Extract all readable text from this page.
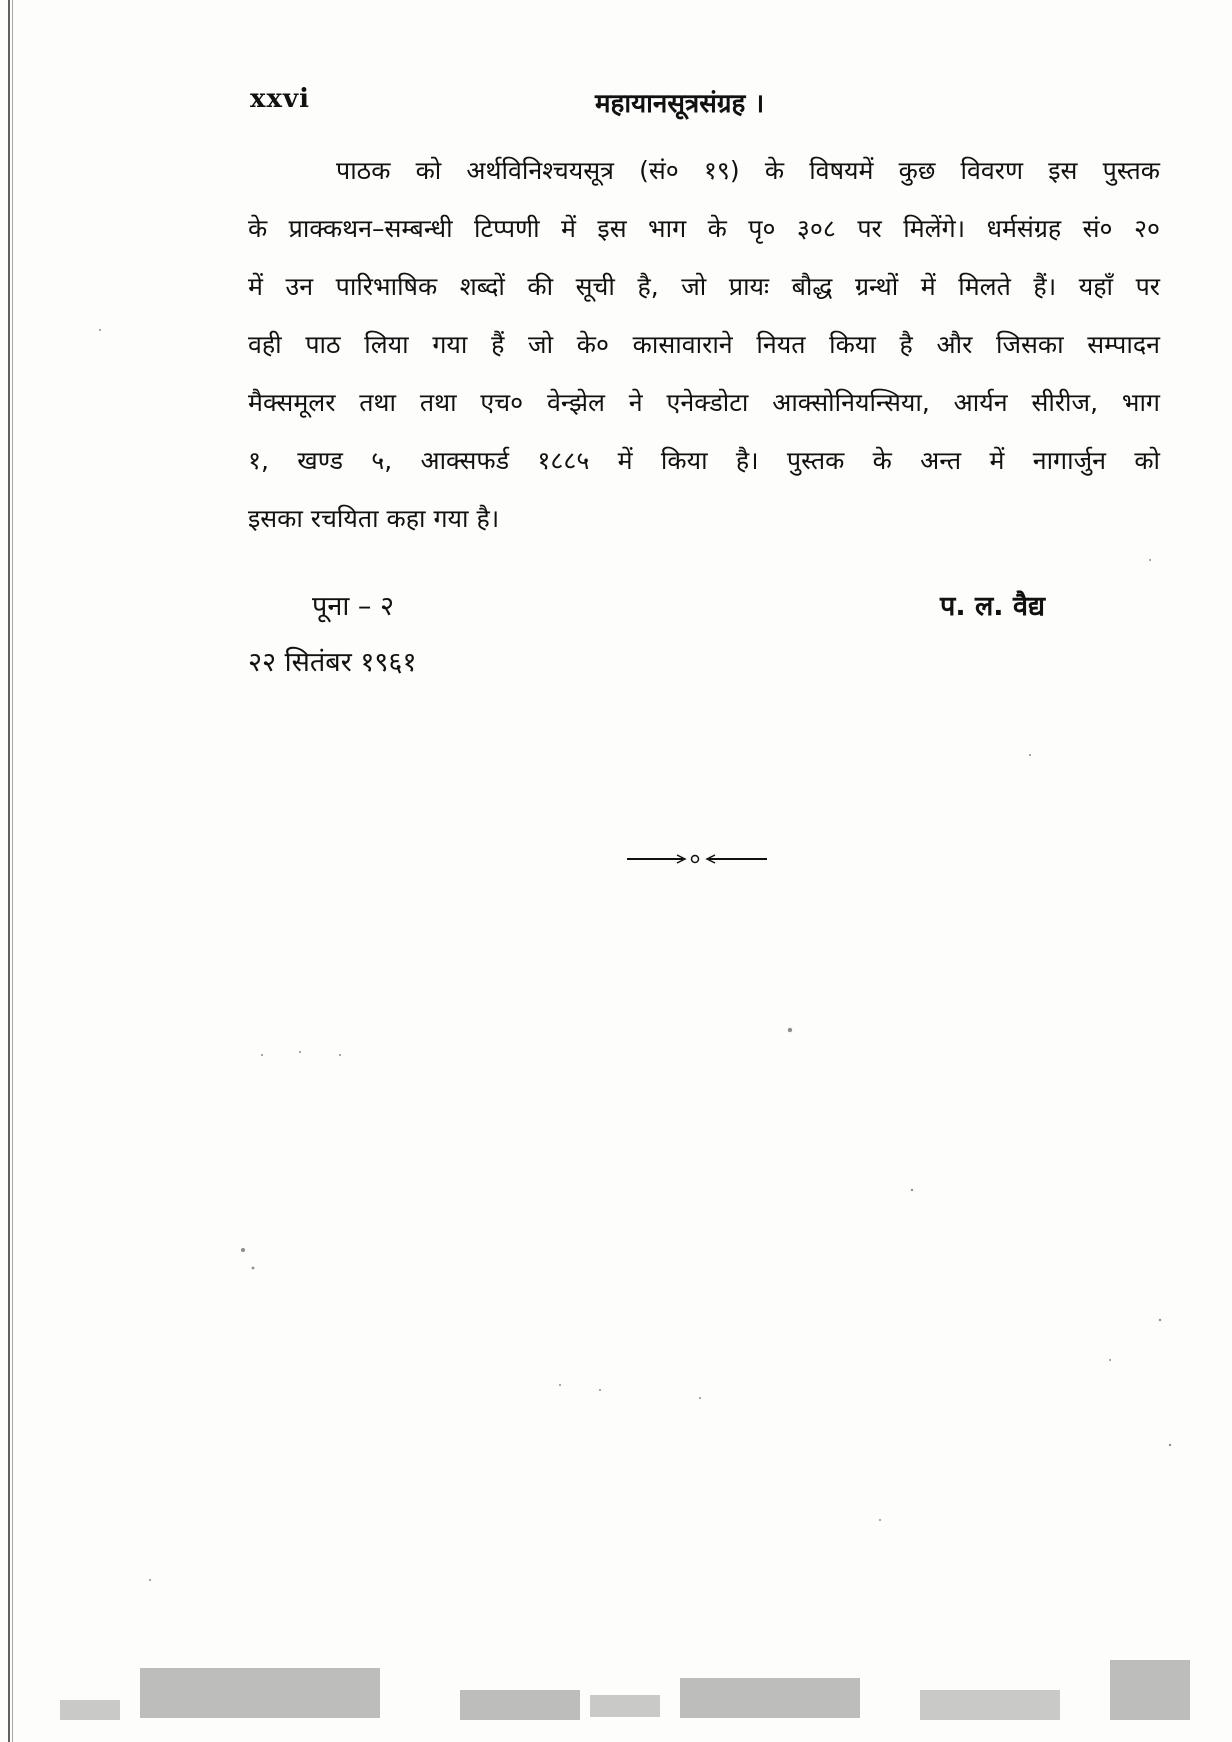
xxvi	महायानसूत्रसंग्रह ।

पाठक को अर्थविनिश्चयसूत्र (सं० १९) के विषयमें कुछ विवरण इस पुस्तक
के प्राक्कथन–सम्बन्धी टिप्पणी में इस भाग के पृ० ३०८ पर मिलेंगे। धर्मसंग्रह सं० २०
में उन पारिभाषिक शब्दों की सूची है, जो प्रायः बौद्ध ग्रन्थों में मिलते हैं। यहाँ पर
वही पाठ लिया गया हैं जो के० कासावाराने नियत किया है और जिसका सम्पादन
मैक्समूलर तथा तथा एच० वेन्झेल ने एनेक्डोटा आक्सोनियन्सिया, आर्यन सीरीज, भाग
१, खण्ड ५, आक्सफर्ड १८८५ में किया है। पुस्तक के अन्त में नागार्जुन को
इसका रचयिता कहा गया है।

पूना – २
२२ सितंबर १९६१
प. ल. वैद्य
